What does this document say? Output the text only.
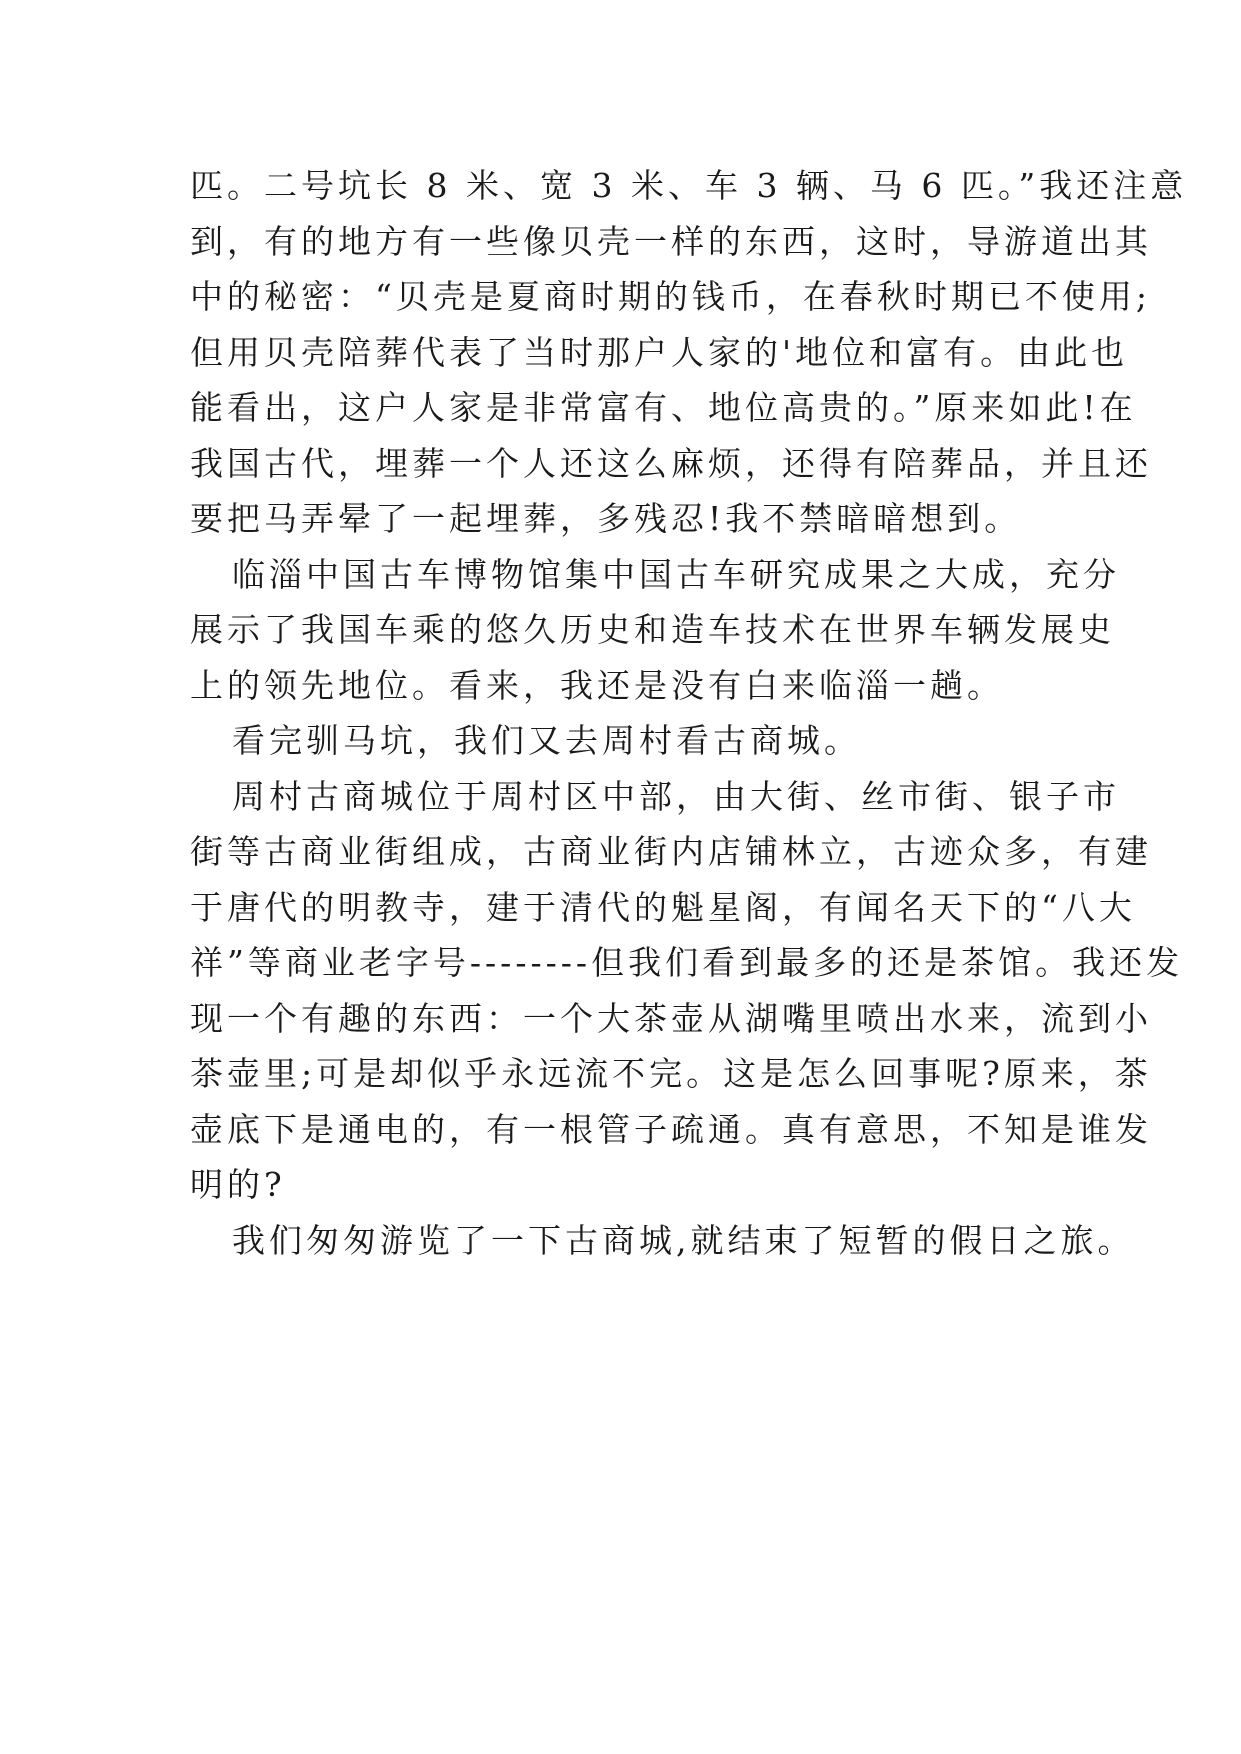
匹。二号坑长 8 米、宽 3 米、车 3 辆、马 6 匹。”我还注意
到，有的地方有一些像贝壳一样的东西，这时，导游道出其
中的秘密：“贝壳是夏商时期的钱币，在春秋时期已不使用;
但用贝壳陪葬代表了当时那户人家的'地位和富有。由此也
能看出，这户人家是非常富有、地位高贵的。”原来如此!在
我国古代，埋葬一个人还这么麻烦，还得有陪葬品，并且还
要把马弄晕了一起埋葬，多残忍!我不禁暗暗想到。
临淄中国古车博物馆集中国古车研究成果之大成，充分
展示了我国车乘的悠久历史和造车技术在世界车辆发展史
上的领先地位。看来，我还是没有白来临淄一趟。
看完驯马坑，我们又去周村看古商城。
周村古商城位于周村区中部，由大街、丝市街、银子市
街等古商业街组成，古商业街内店铺林立，古迹众多，有建
于唐代的明教寺，建于清代的魁星阁，有闻名天下的“八大
祥”等商业老字号--------但我们看到最多的还是茶馆。我还发
现一个有趣的东西：一个大茶壶从湖嘴里喷出水来，流到小
茶壶里;可是却似乎永远流不完。这是怎么回事呢?原来，茶
壶底下是通电的，有一根管子疏通。真有意思，不知是谁发
明的?
我们匆匆游览了一下古商城,就结束了短暂的假日之旅。
